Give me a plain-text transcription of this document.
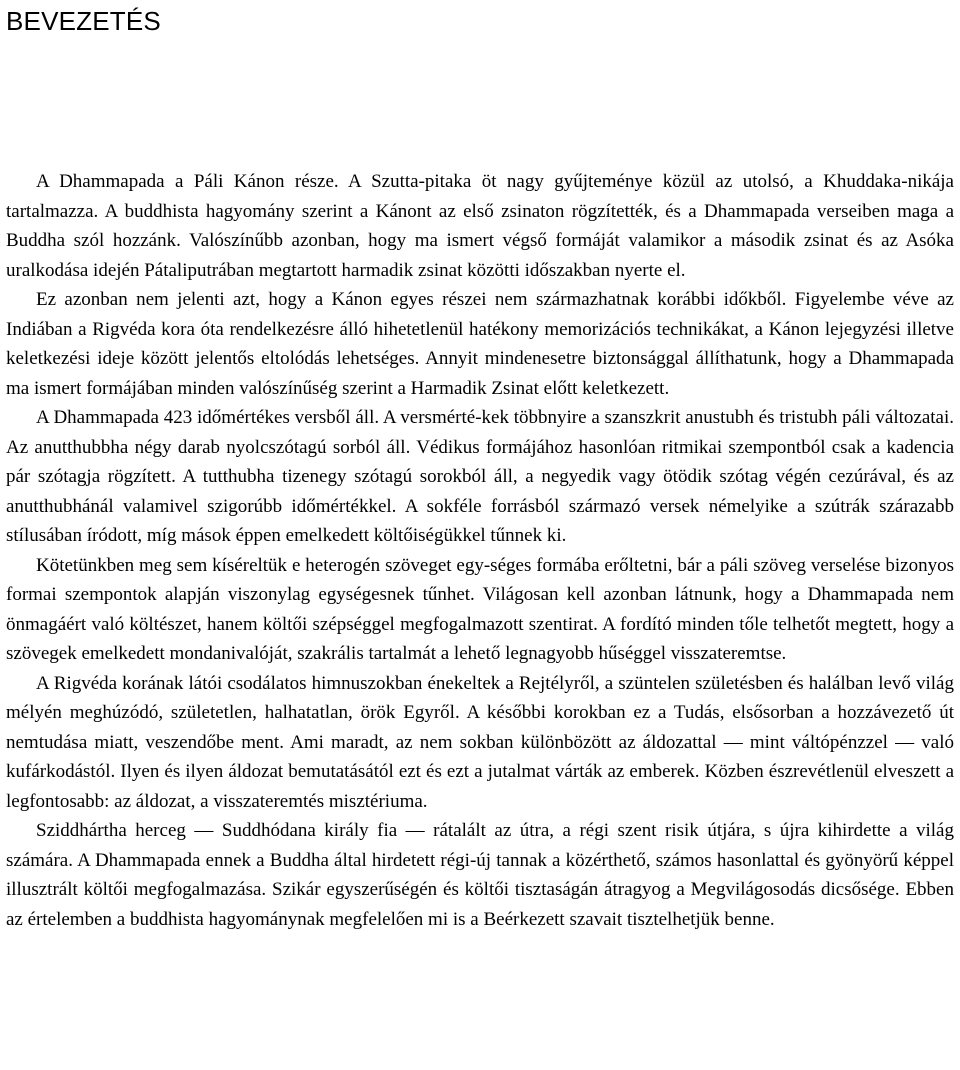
BEVEZETÉS

A Dhammapada a Páli Kánon része. A Szutta-pitaka öt nagy gyűjteménye közül az utolsó, a Khuddaka-nikája tartalmazza. A buddhista hagyomány szerint a Kánont az első zsinaton rögzítették, és a Dhammapada verseiben maga a Buddha szól hozzánk. Valószínűbb azonban, hogy ma ismert végső formáját valamikor a második zsinat és az Asóka uralkodása idején Pátaliputrában megtartott harmadik zsinat közötti időszakban nyerte el.

Ez azonban nem jelenti azt, hogy a Kánon egyes részei nem származhatnak korábbi időkből. Figyelembe véve az Indiában a Rigvéda kora óta rendelkezésre álló hihetetlenül hatékony memorizációs technikákat, a Kánon lejegyzési illetve keletkezési ideje között jelentős eltolódás lehetséges. Annyit mindenesetre biztonsággal állíthatunk, hogy a Dhammapada ma ismert formájában minden valószínűség szerint a Harmadik Zsinat előtt keletkezett.

A Dhammapada 423 időmértékes versből áll. A versmérté-kek többnyire a szanszkrit anustubh és tristubh páli változatai. Az anutthubbha négy darab nyolcszótagú sorból áll. Védikus formájához hasonlóan ritmikai szempontból csak a kadencia pár szótagja rögzített. A tutthubha tizenegy szótagú sorokból áll, a negyedik vagy ötödik szótag végén cezúrával, és az anutthubhánál valamivel szigorúbb időmértékkel. A sokféle forrásból származó versek némelyike a szútrák szárazabb stílusában íródott, míg mások éppen emelkedett költőiségükkel tűnnek ki.

Kötetünkben meg sem kíséreltük e heterogén szöveget egy-séges formába erőltetni, bár a páli szöveg verselése bizonyos formai szempontok alapján viszonylag egységesnek tűnhet. Világosan kell azonban látnunk, hogy a Dhammapada nem önmagáért való költészet, hanem költői szépséggel megfogalmazott szentirat. A fordító minden tőle telhetőt megtett, hogy a szövegek emelkedett mondanivalóját, szakrális tartalmát a lehető legnagyobb hűséggel visszateremtse.

A Rigvéda korának látói csodálatos himnuszokban énekeltek a Rejtélyről, a szüntelen születésben és halálban levő világ mélyén meghúzódó, születetlen, halhatatlan, örök Egyről. A későbbi korokban ez a Tudás, elsősorban a hozzávezető út nemtudása miatt, veszendőbe ment. Ami maradt, az nem sokban különbözött az áldozattal — mint váltópénzzel — való kufárkodástól. Ilyen és ilyen áldozat bemutatásától ezt és ezt a jutalmat várták az emberek. Közben észrevétlenül elveszett a legfontosabb: az áldozat, a visszateremtés misztériuma.

Sziddhártha herceg — Suddhódana király fia — rátalált az útra, a régi szent risik útjára, s újra kihirdette a világ számára. A Dhammapada ennek a Buddha által hirdetett régi-új tannak a közérthető, számos hasonlattal és gyönyörű képpel illusztrált költői megfogalmazása. Szikár egyszerűségén és költői tisztaságán átragyog a Megvilágosodás dicsősége. Ebben az értelemben a buddhista hagyománynak megfelelően mi is a Beérkezett szavait tisztelhetjük benne.
